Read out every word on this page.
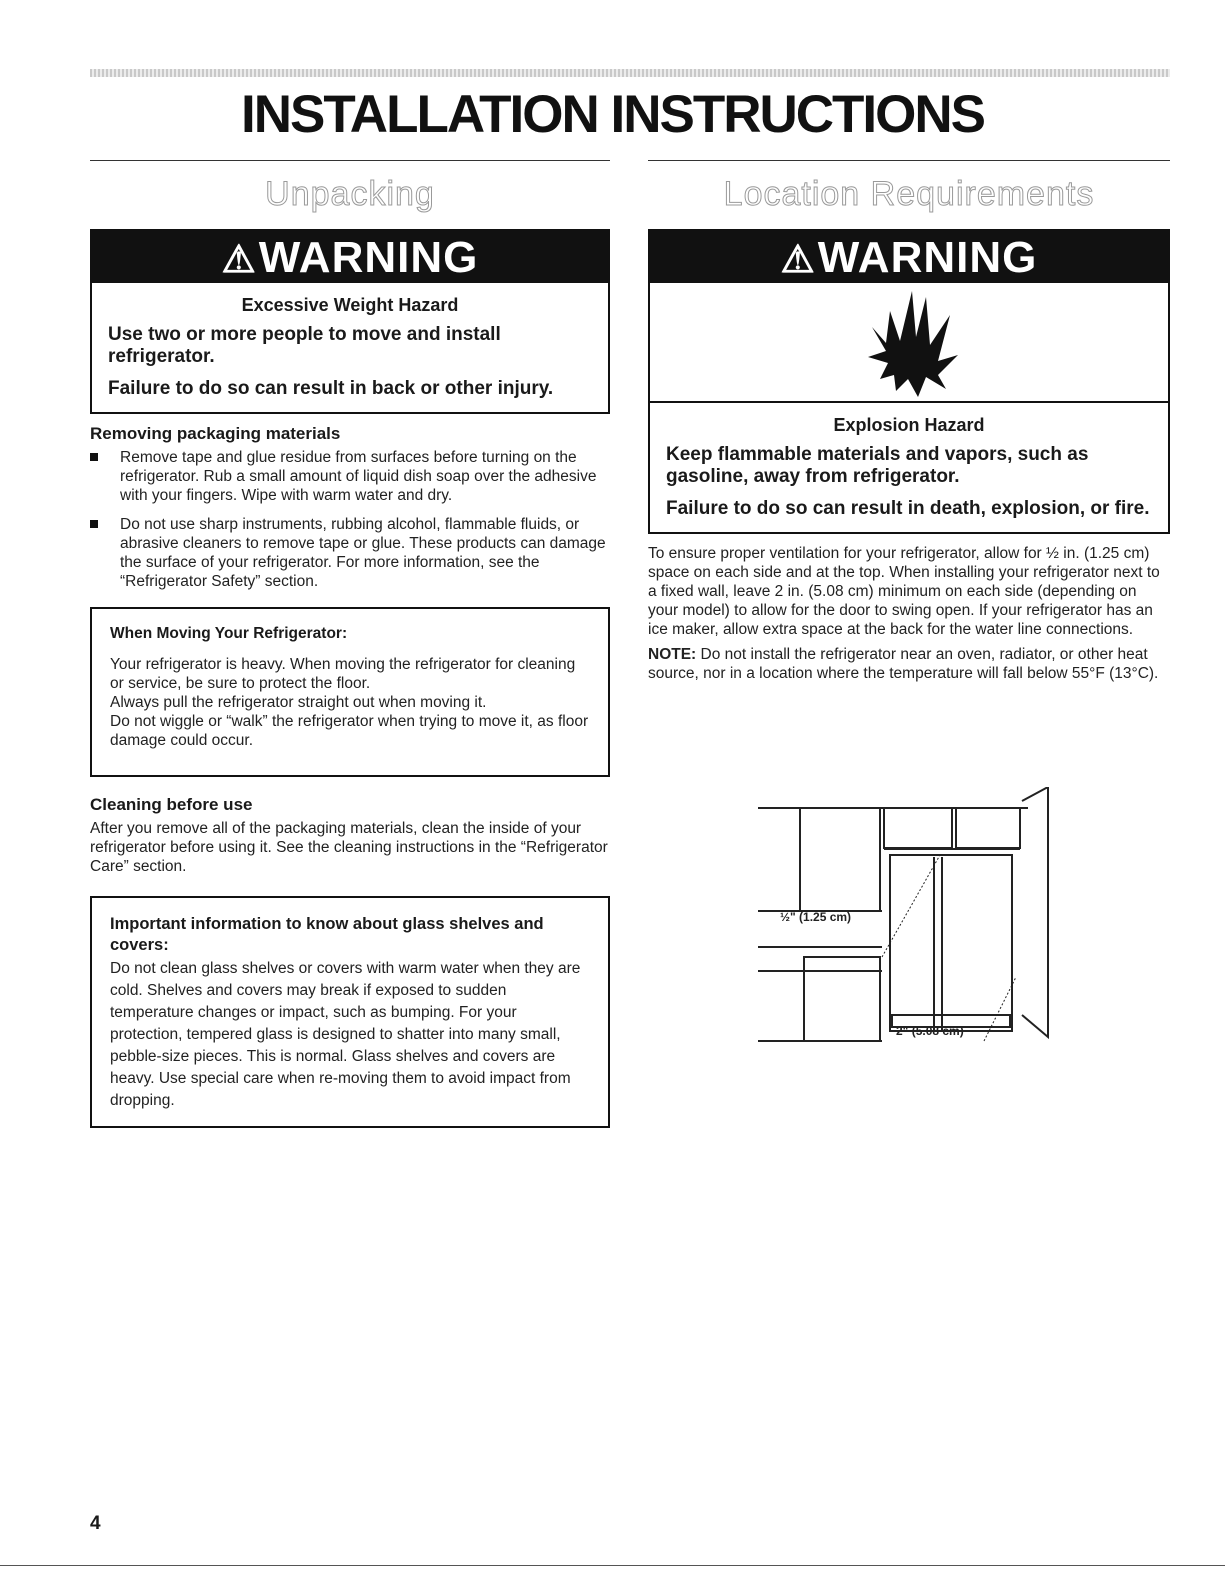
INSTALLATION INSTRUCTIONS
Unpacking
⚠WARNING
Excessive Weight Hazard
Use two or more people to move and install refrigerator.
Failure to do so can result in back or other injury.
Removing packaging materials
Remove tape and glue residue from surfaces before turning on the refrigerator. Rub a small amount of liquid dish soap over the adhesive with your fingers. Wipe with warm water and dry.
Do not use sharp instruments, rubbing alcohol, flammable fluids, or abrasive cleaners to remove tape or glue. These products can damage the surface of your refrigerator. For more information, see the “Refrigerator Safety” section.
When Moving Your Refrigerator:
Your refrigerator is heavy. When moving the refrigerator for cleaning or service, be sure to protect the floor.
Always pull the refrigerator straight out when moving it.
Do not wiggle or “walk” the refrigerator when trying to move it, as floor damage could occur.
Cleaning before use

After you remove all of the packaging materials, clean the inside of your refrigerator before using it. See the cleaning instructions in the “Refrigerator Care” section.

Important information to know about glass shelves and covers:
Do not clean glass shelves or covers with warm water when they are cold. Shelves and covers may break if exposed to sudden temperature changes or impact, such as bumping. For your protection, tempered glass is designed to shatter into many small, pebble-size pieces. This is normal. Glass shelves and covers are heavy. Use special care when re-moving them to avoid impact from dropping.
Location Requirements
⚠WARNING
Explosion Hazard
Keep flammable materials and vapors, such as gasoline, away from refrigerator.
Failure to do so can result in death, explosion, or fire.

To ensure proper ventilation for your refrigerator, allow for ½ in. (1.25 cm) space on each side and at the top. When installing your refrigerator next to a fixed wall, leave 2 in. (5.08 cm) minimum on each side (depending on your model) to allow for the door to swing open. If your refrigerator has an ice maker, allow extra space at the back for the water line connections.

NOTE: Do not install the refrigerator near an oven, radiator, or other heat source, nor in a location where the temperature will fall below 55°F (13°C).

½" (1.25 cm)
2" (5.08 cm)
4
